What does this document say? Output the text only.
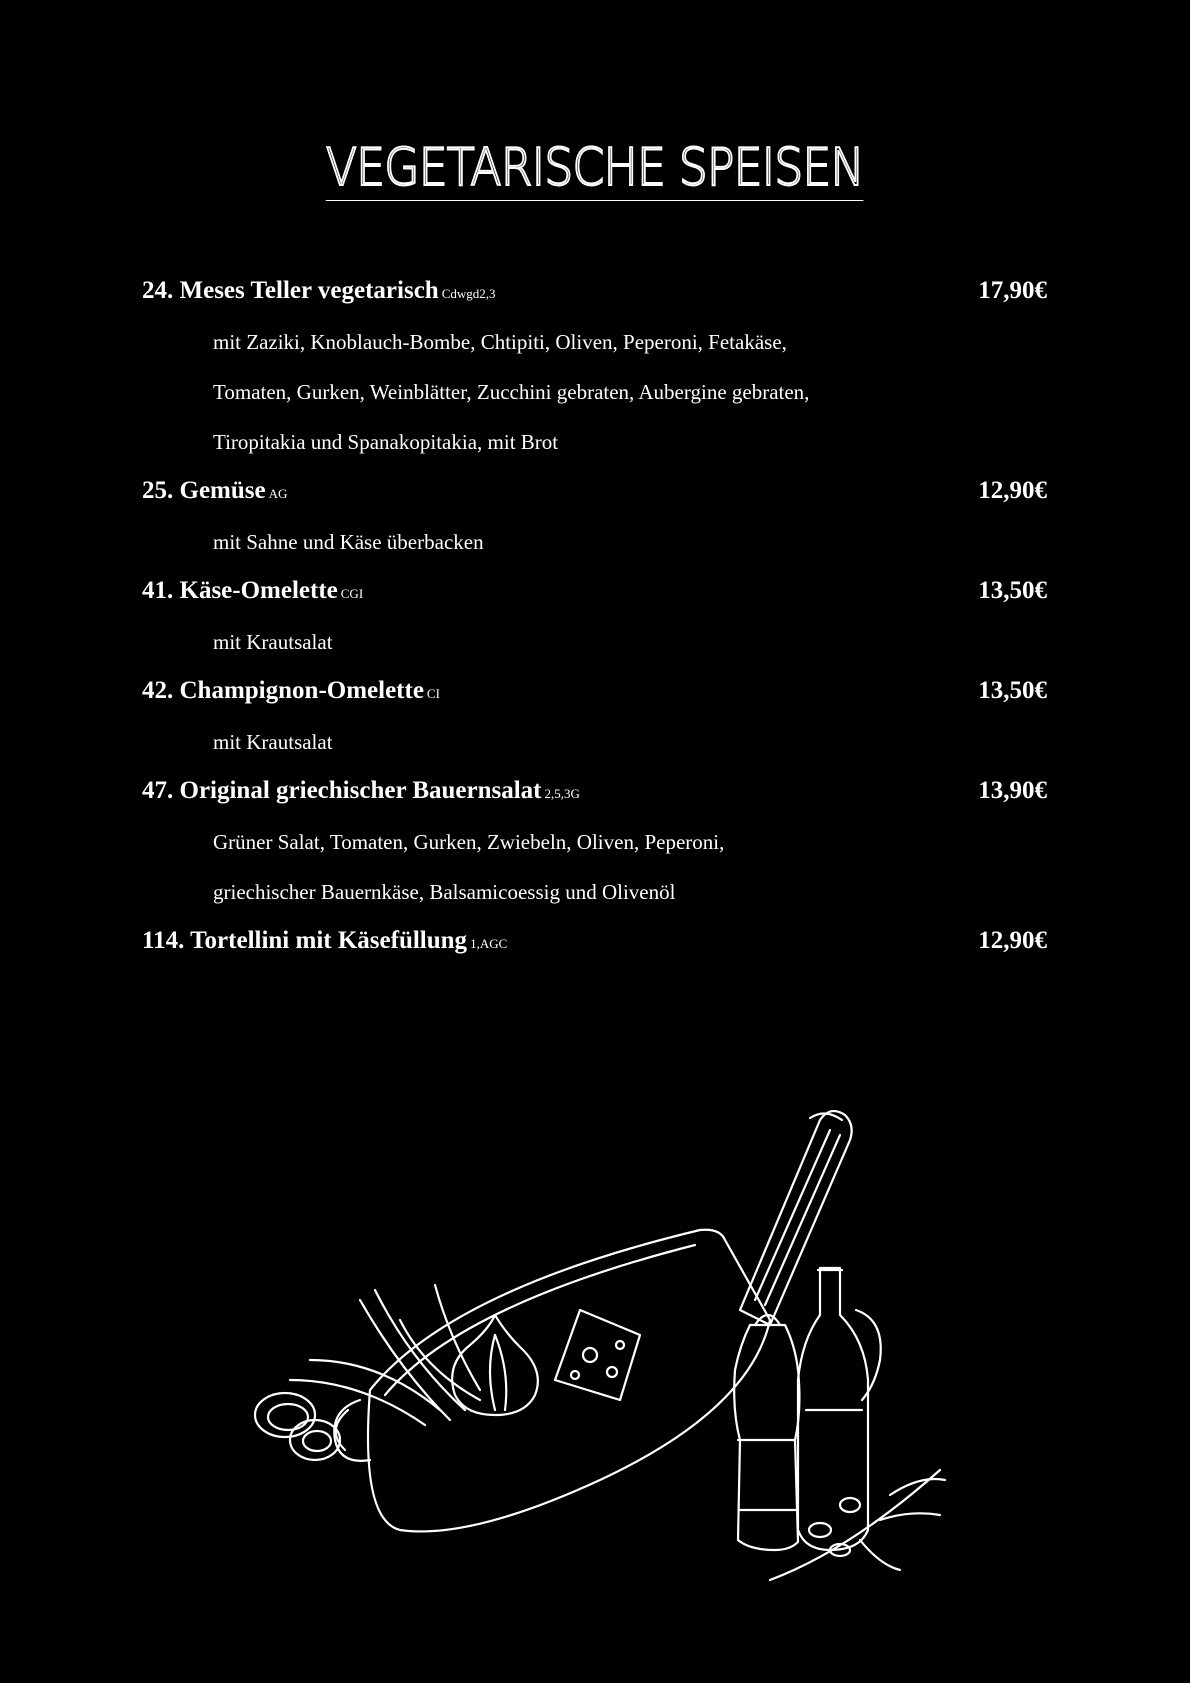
VEGETARISCHE SPEISEN
24. Meses Teller vegetarisch Cdwgd2,3	17,90€
mit Zaziki, Knoblauch-Bombe, Chtipiti, Oliven, Peperoni, Fetakäse,
Tomaten, Gurken, Weinblätter, Zucchini gebraten, Aubergine gebraten,
Tiropitakia und Spanakopitakia, mit Brot
25. Gemüse AG	12,90€
mit Sahne und Käse überbacken
41. Käse-Omelette CGI	13,50€
mit Krautsalat
42. Champignon-Omelette CI	13,50€
mit Krautsalat
47. Original griechischer Bauernsalat 2,5,3G	13,90€
Grüner Salat, Tomaten, Gurken, Zwiebeln, Oliven, Peperoni,
griechischer Bauernkäse, Balsamicoessig und Olivenöl
114. Tortellini mit Käsefüllung 1,AGC	12,90€
